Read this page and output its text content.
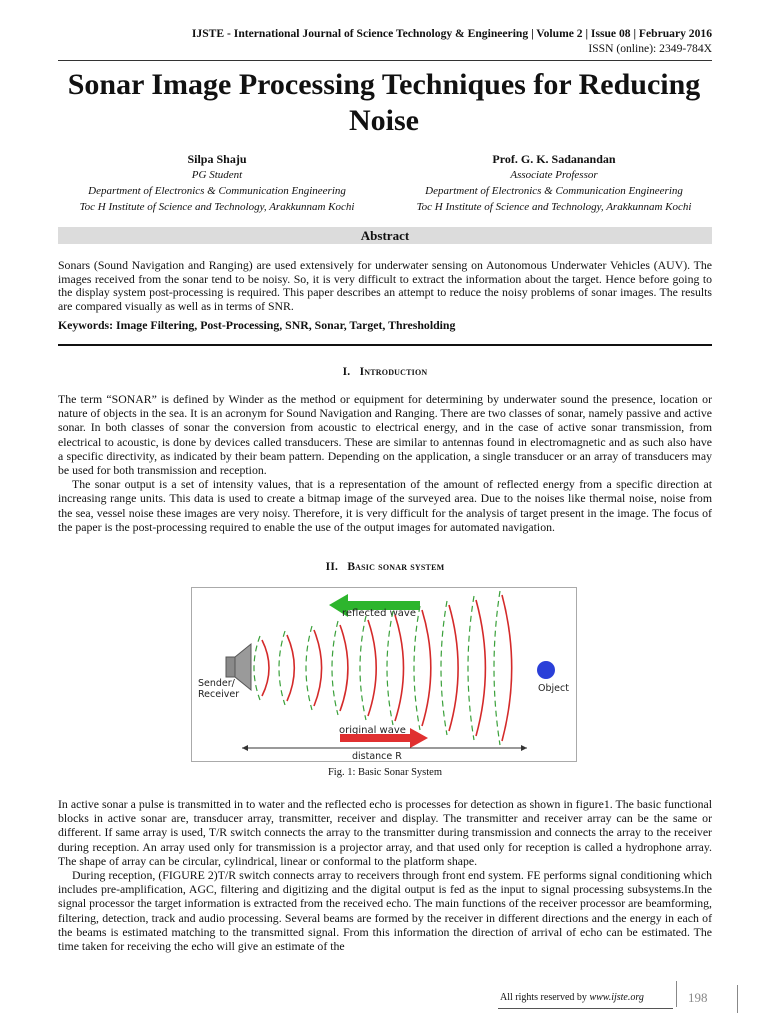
IJSTE - International Journal of Science Technology & Engineering | Volume 2 | Issue 08 | February 2016
ISSN (online): 2349-784X
Sonar Image Processing Techniques for Reducing
Noise
Silpa Shaju
PG Student
Department of Electronics & Communication Engineering
Toc H Institute of Science and Technology, Arakkunnam Kochi
Prof. G. K. Sadanandan
Associate Professor
Department of Electronics & Communication Engineering
Toc H Institute of Science and Technology, Arakkunnam Kochi
Abstract
Sonars (Sound Navigation and Ranging) are used extensively for underwater sensing on Autonomous Underwater Vehicles (AUV). The images received from the sonar tend to be noisy. So, it is very difficult to extract the information about the target. Hence before going to the display system post-processing is required. This paper describes an attempt to reduce the noisy problems of sonar images. The results are compared visually as well as in terms of SNR.
Keywords: Image Filtering, Post-Processing, SNR, Sonar, Target, Thresholding
I. Introduction

The term “SONAR” is defined by Winder as the method or equipment for determining by underwater sound the presence, location or nature of objects in the sea. It is an acronym for Sound Navigation and Ranging. There are two classes of sonar, namely passive and active sonar. In both classes of sonar the conversion from acoustic to electrical energy, and in the case of active sonar transmission, from electrical to acoustic, is done by devices called transducers. These are similar to antennas found in electromagnetic and as such also have a specific directivity, as indicated by their beam pattern. Depending on the application, a single transducer or an array of transducers may be used for both transmission and reception.

The sonar output is a set of intensity values, that is a representation of the amount of reflected energy from a specific direction at increasing range units. This data is used to create a bitmap image of the surveyed area. Due to the noises like thermal noise, noise from the sea, vessel noise these images are very noisy. Therefore, it is very difficult for the analysis of target present in the image. The focus of the paper is the post-processing required to enable the use of the output images for automated navigation.

II. Basic sonar system
reflected wave
Sender/
Receiver
Object
original wave
distance R
Fig. 1: Basic Sonar System

In active sonar a pulse is transmitted in to water and the reflected echo is processes for detection as shown in figure1. The basic functional blocks in active sonar are, transducer array, transmitter, receiver and display. The transmitter and receiver array can be the same or different. If same array is used, T/R switch connects the array to the transmitter during transmission and connects the array to the receiver during reception. An array used only for transmission is a projector array, and that used only for reception is called a hydrophone array. The shape of array can be circular, cylindrical, linear or conformal to the platform shape.

During reception, (FIGURE 2)T/R switch connects array to receivers through front end system. FE performs signal conditioning which includes pre-amplification, AGC, filtering and digitizing and the digital output is fed as the input to signal processing subsystems.In the signal processor the target information is extracted from the received echo. The main functions of the receiver processor are beamforming, filtering, detection, track and audio processing. Several beams are formed by the receiver in different directions and the energy in each of the beams is estimated matching to the transmitted signal. From this information the direction of arrival of echo can be estimated. The time taken for receiving the echo will give an estimate of the

All rights reserved by www.ijste.org	198
